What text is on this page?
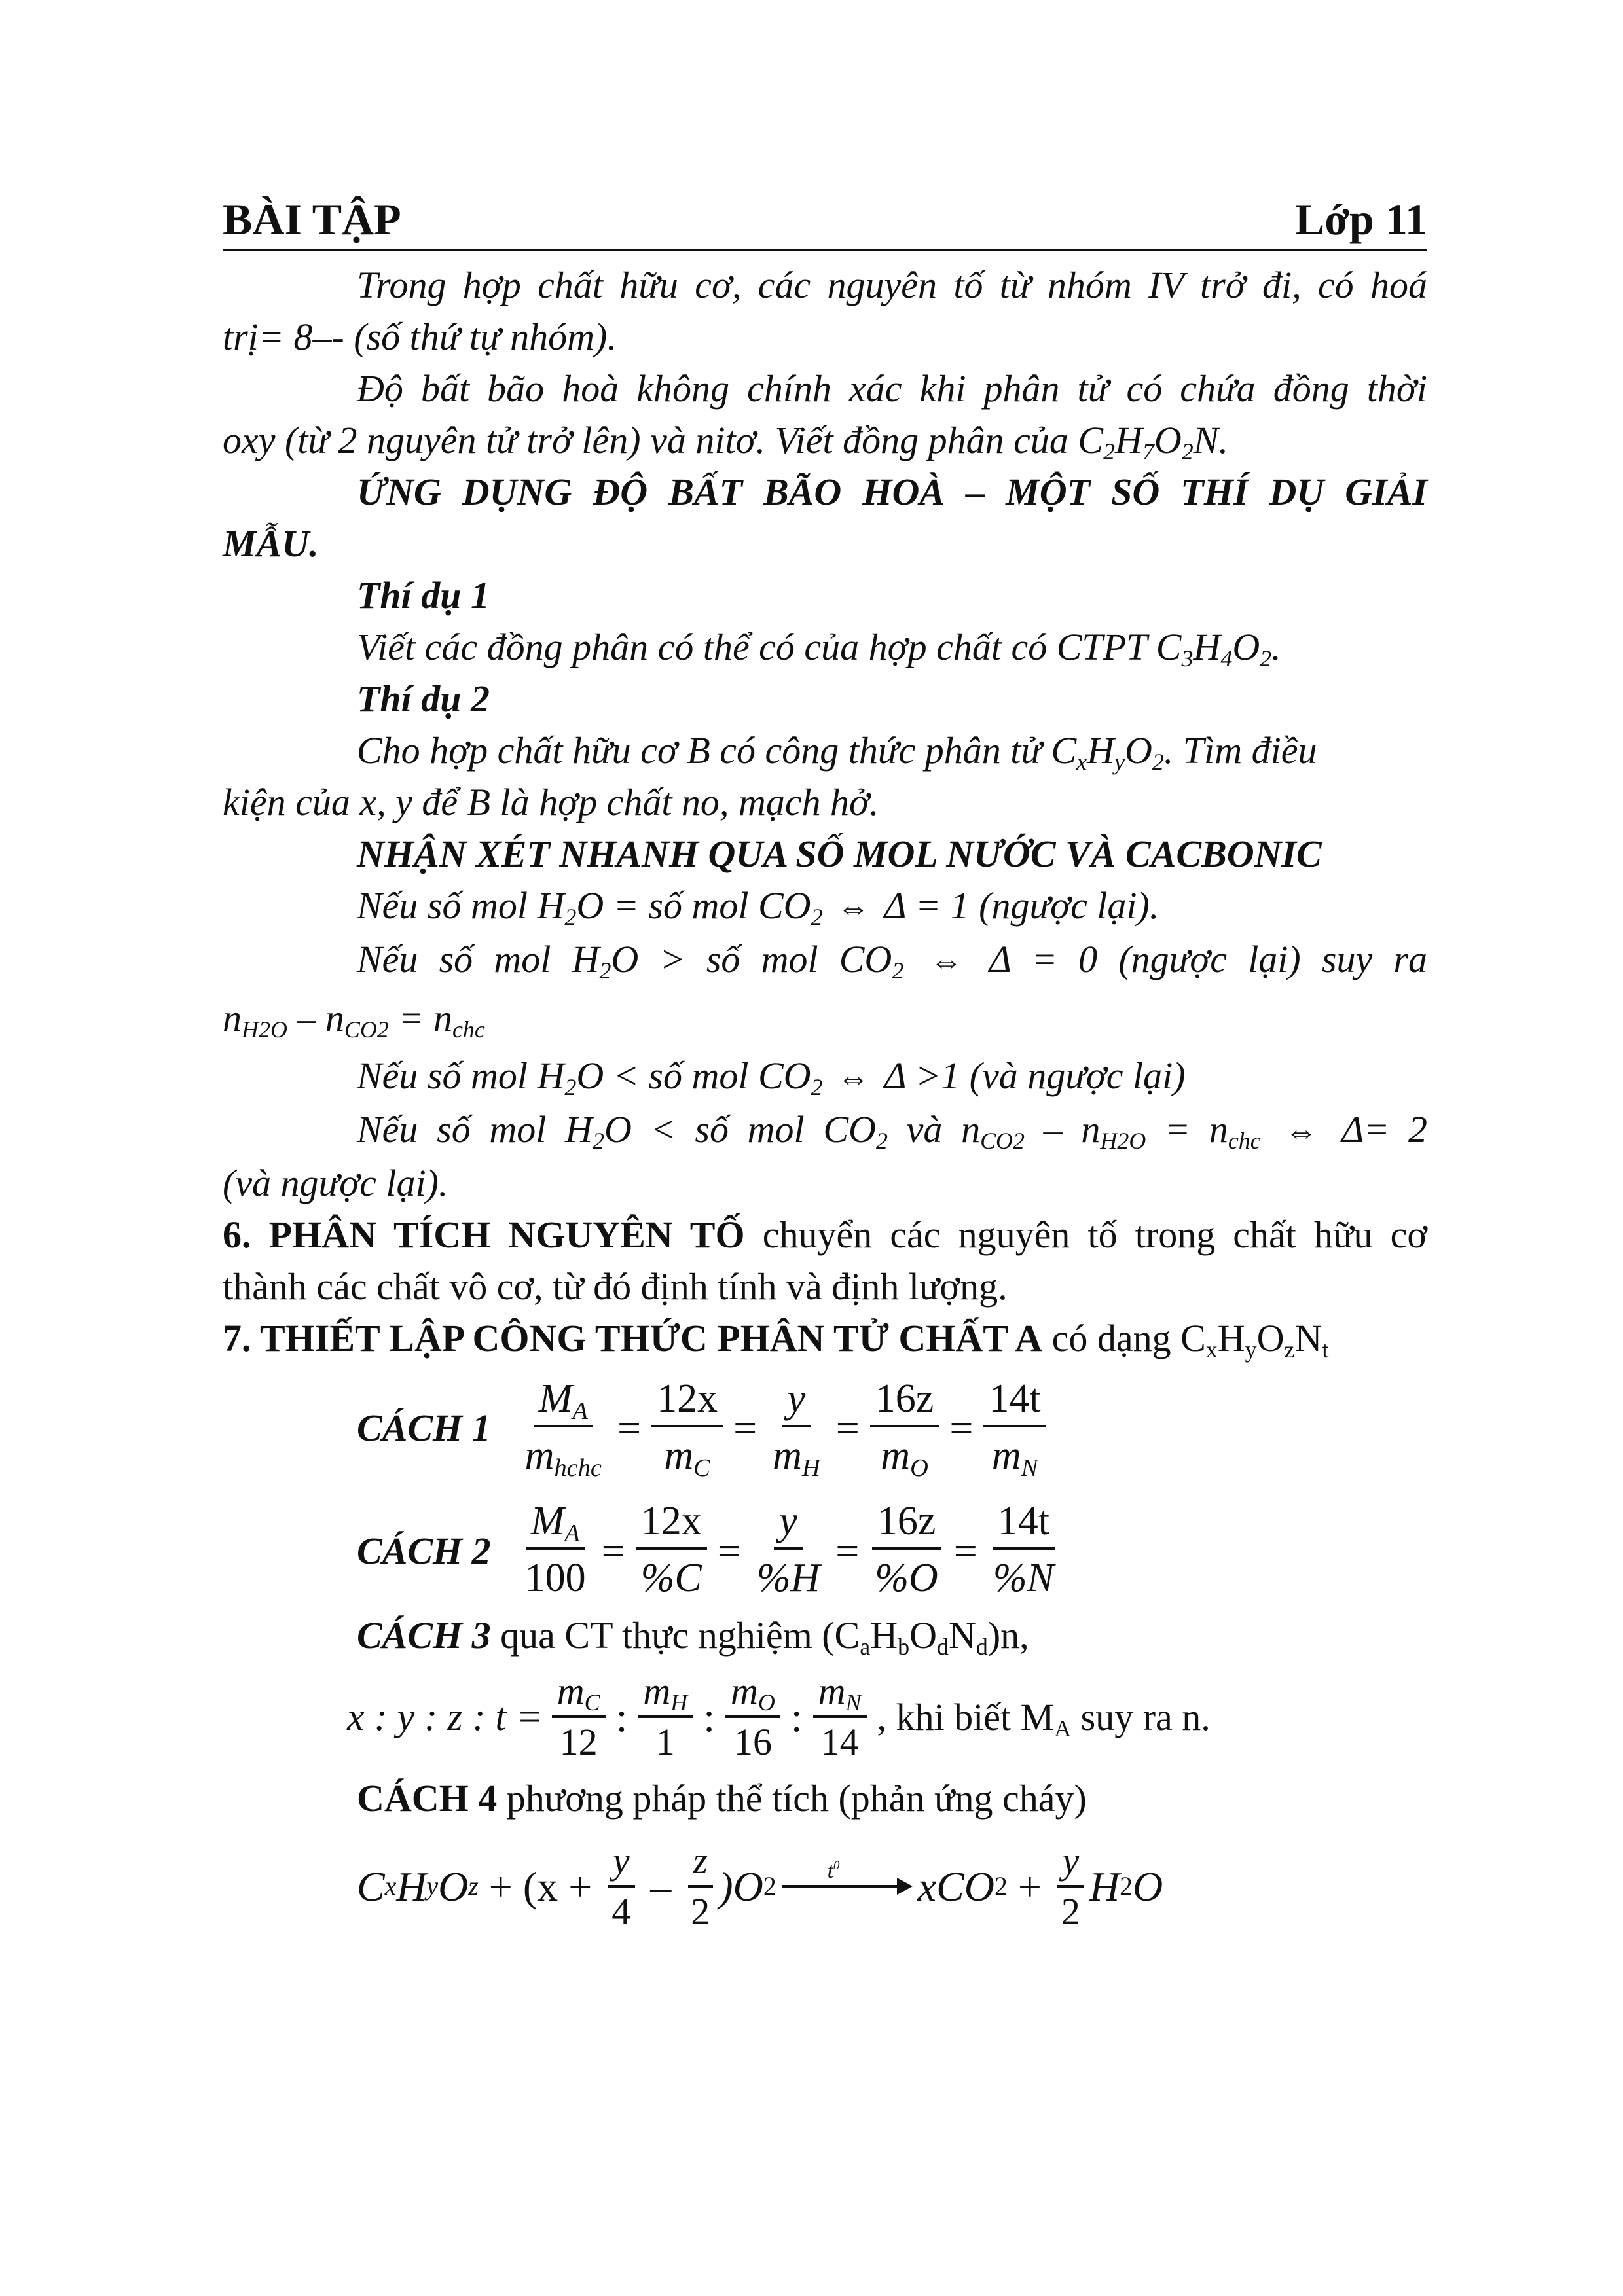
BÀI TẬP	Lớp 11
Trong hợp chất hữu cơ, các nguyên tố từ nhóm IV trở đi, có hoá
trị= 8–- (số thứ tự nhóm).
Độ bất bão hoà không chính xác khi phân tử có chứa đồng thời
oxy (từ 2 nguyên tử trở lên) và nitơ. Viết đồng phân của $C_2H_7O_2N$.
ỨNG DỤNG ĐỘ BẤT BÃO HOÀ – MỘT SỐ THÍ DỤ GIẢI
MẪU.
Thí dụ 1
Viết các đồng phân có thể có của hợp chất có CTPT $C_3H_4O_2$.
Thí dụ 2
Cho hợp chất hữu cơ B có công thức phân tử $C_xH_yO_2$. Tìm điều
kiện của x, y để B là hợp chất no, mạch hở.
NHẬN XÉT NHANH QUA SỐ MOL NƯỚC VÀ CACBONIC
Nếu số mol $H_2O$ = số mol $CO_2$ ⇔ Δ = 1 (ngược lại).
Nếu số mol $H_2O$ > số mol $CO_2$ ⇔ Δ = 0 (ngược lại) suy ra
$n_{H2O} - n_{CO2} = n_{chc}$
Nếu số mol $H_2O$ < số mol $CO_2$ ⇔ Δ >1 (và ngược lại)
Nếu số mol $H_2O$ < số mol $CO_2$ và $n_{CO2} - n_{H2O} = n_{chc}$ ⇔ Δ= 2
(và ngược lại).
6. PHÂN TÍCH NGUYÊN TỐ chuyển các nguyên tố trong chất hữu cơ
thành các chất vô cơ, từ đó định tính và định lượng.
7. THIẾT LẬP CÔNG THỨC PHÂN TỬ CHẤT A có dạng $C_xH_yO_zN_t$
CÁCH $1 \frac{M_A}{m_{hchc}} = \frac{12x}{m_C} = \frac{y}{m_H} = \frac{16z}{m_O} = \frac{14t}{m_N}$
CÁCH $2 \frac{M_A}{100} = \frac{12x}{\%C} = \frac{y}{\%H} = \frac{16z}{\%O} = \frac{14t}{\%N}$
CÁCH 3 qua CT thực nghiệm $(C_aH_bO_dN_d)n$,
x : y : z : $t = \frac{m_C}{12}$ : $\frac{m_H}{1}$ : $\frac{m_O}{16}$ : $\frac{m_N}{14}$ , khi biết $M_A$ suy ra n.
CÁCH 4 phương pháp thể tích (phản ứng cháy)
C x H y O $z + (x + \frac{y}{4} - \frac{z}{2} )O$ 2
$t^0$ xCO $2 + \frac{y}{2}$ H 2 O
